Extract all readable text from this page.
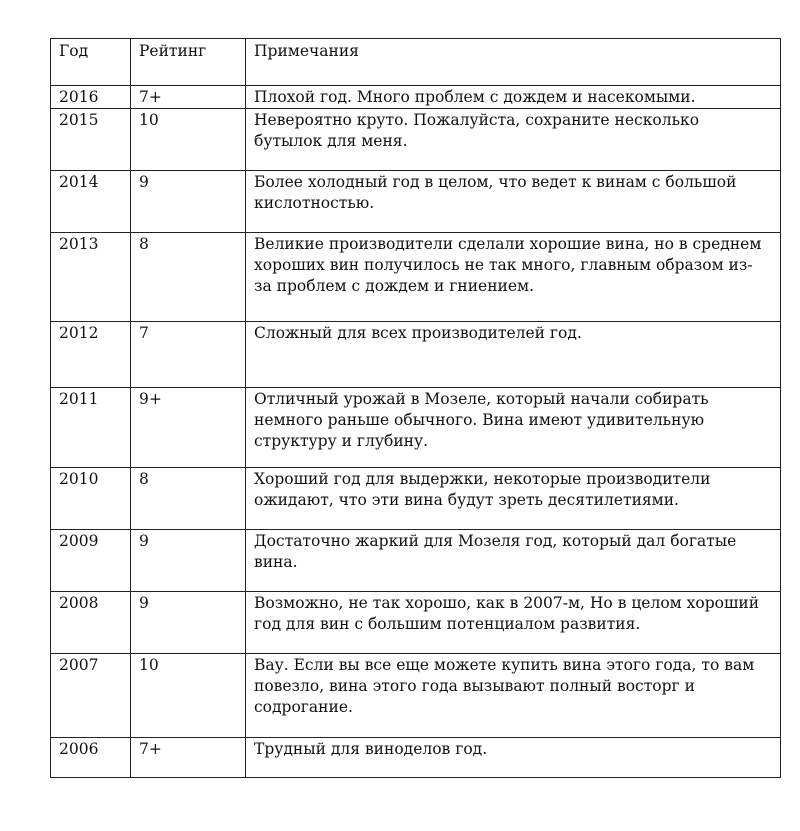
Год	Рейтинг	Примечания
2016	7+	Плохой год. Много проблем с дождем и насекомыми.
2015	10	Невероятно круто. Пожалуйста, сохраните несколько бутылок для меня.
2014	9	Более холодный год в целом, что ведет к винам с большой кислотностью.
2013	8	Великие производители сделали хорошие вина, но в среднем хороших вин получилось не так много, главным образом из-за проблем с дождем и гниением.
2012	7	Сложный для всех производителей год.
2011	9+	Отличный урожай в Мозеле, который начали собирать немного раньше обычного. Вина имеют удивительную структуру и глубину.
2010	8	Хороший год для выдержки, некоторые производители ожидают, что эти вина будут зреть десятилетиями.
2009	9	Достаточно жаркий для Мозеля год, который дал богатые вина.
2008	9	Возможно, не так хорошо, как в 2007-м, Но в целом хороший год для вин с большим потенциалом развития.
2007	10	Вау. Если вы все еще можете купить вина этого года, то вам повезло, вина этого года вызывают полный восторг и содрогание.
2006	7+	Трудный для виноделов год.
